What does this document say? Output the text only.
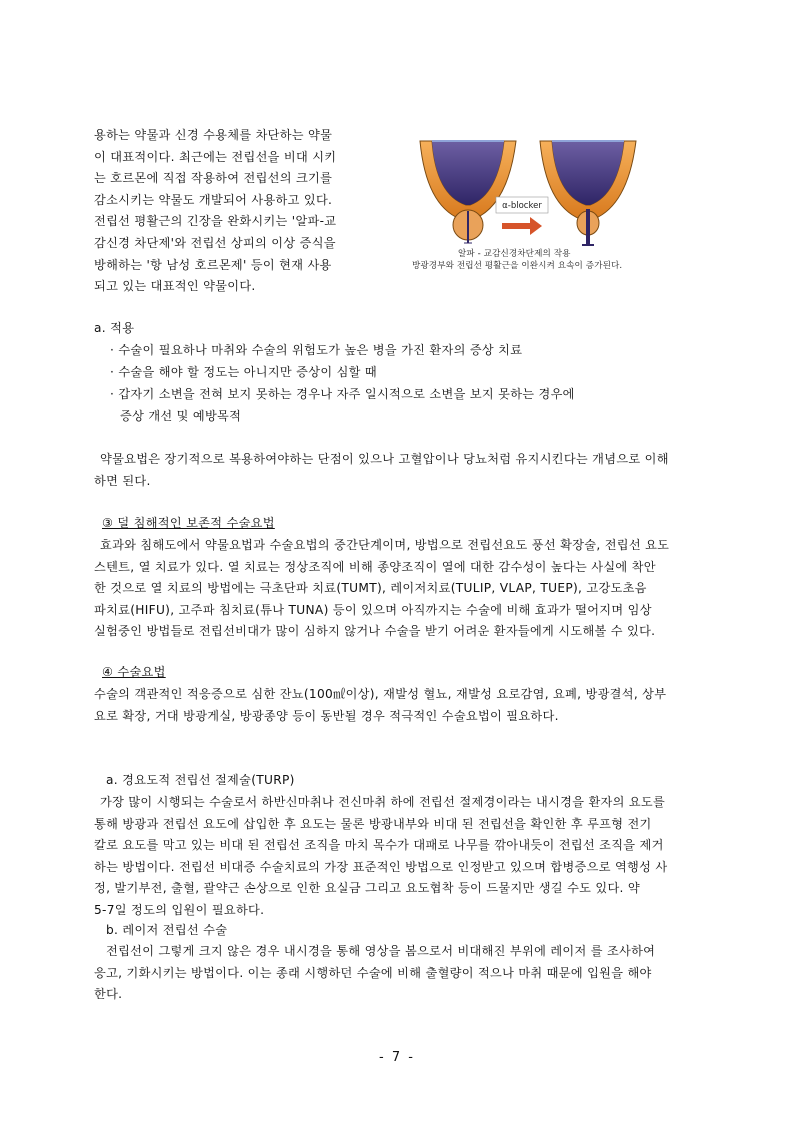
용하는 약물과 신경 수용체를 차단하는 약물
이 대표적이다. 최근에는 전립선을 비대 시키
는 호르몬에 직접 작용하여 전립선의 크기를
감소시키는 약물도 개발되어 사용하고 있다.
전립선 평활근의 긴장을 완화시키는 '알파-교
감신경 차단제'와 전립선 상피의 이상 증식을
방해하는 '항 남성 호르몬제' 등이 현재 사용
되고 있는 대표적인 약물이다.
α-blocker
알파 - 교감신경차단제의 작용
방광경부와 전립선 평활근을 이완시켜 요속이 증가된다.
a. 적용
· 수술이 필요하나 마취와 수술의 위험도가 높은 병을 가진 환자의 증상 치료
· 수술을 해야 할 정도는 아니지만 증상이 심할 때
· 갑자기 소변을 전혀 보지 못하는 경우나 자주 일시적으로 소변을 보지 못하는 경우에
증상 개선 및 예방목적
약물요법은 장기적으로 복용하여야하는 단점이 있으나 고혈압이나 당뇨처럼 유지시킨다는 개념으로 이해
하면 된다.
③ 덜 침해적인 보존적 수술요법
효과와 침해도에서 약물요법과 수술요법의 중간단계이며, 방법으로 전립선요도 풍선 확장술, 전립선 요도
스텐트, 열 치료가 있다. 열 치료는 정상조직에 비해 종양조직이 열에 대한 감수성이 높다는 사실에 착안
한 것으로 열 치료의 방법에는 극초단파 치료(TUMT), 레이저치료(TULIP, VLAP, TUEP), 고강도초음
파치료(HIFU), 고주파 침치료(튜나 TUNA) 등이 있으며 아직까지는 수술에 비해 효과가 떨어지며 임상
실험중인 방법들로 전립선비대가 많이 심하지 않거나 수술을 받기 어려운 환자들에게 시도해볼 수 있다.
④ 수술요법
수술의 객관적인 적응증으로 심한 잔뇨(100㎖이상), 재발성 혈뇨, 재발성 요로감염, 요폐, 방광결석, 상부
요로 확장, 거대 방광게실, 방광종양 등이 동반될 경우 적극적인 수술요법이 필요하다.
a. 경요도적 전립선 절제술(TURP)
가장 많이 시행되는 수술로서 하반신마취나 전신마취 하에 전립선 절제경이라는 내시경을 환자의 요도를
통해 방광과 전립선 요도에 삽입한 후 요도는 물론 방광내부와 비대 된 전립선을 확인한 후 루프형 전기
칼로 요도를 막고 있는 비대 된 전립선 조직을 마치 목수가 대패로 나무를 깎아내듯이 전립선 조직을 제거
하는 방법이다. 전립선 비대증 수술치료의 가장 표준적인 방법으로 인정받고 있으며 합병증으로 역행성 사
정, 발기부전, 출혈, 괄약근 손상으로 인한 요실금 그리고 요도협착 등이 드물지만 생길 수도 있다. 약
5-7일 정도의 입원이 필요하다.
b. 레이저 전립선 수술
전립선이 그렇게 크지 않은 경우 내시경을 통해 영상을 봄으로서 비대해진 부위에 레이저 를 조사하여
응고, 기화시키는 방법이다. 이는 종래 시행하던 수술에 비해 출혈량이 적으나 마취 때문에 입원을 해야
한다.
- 7 -
